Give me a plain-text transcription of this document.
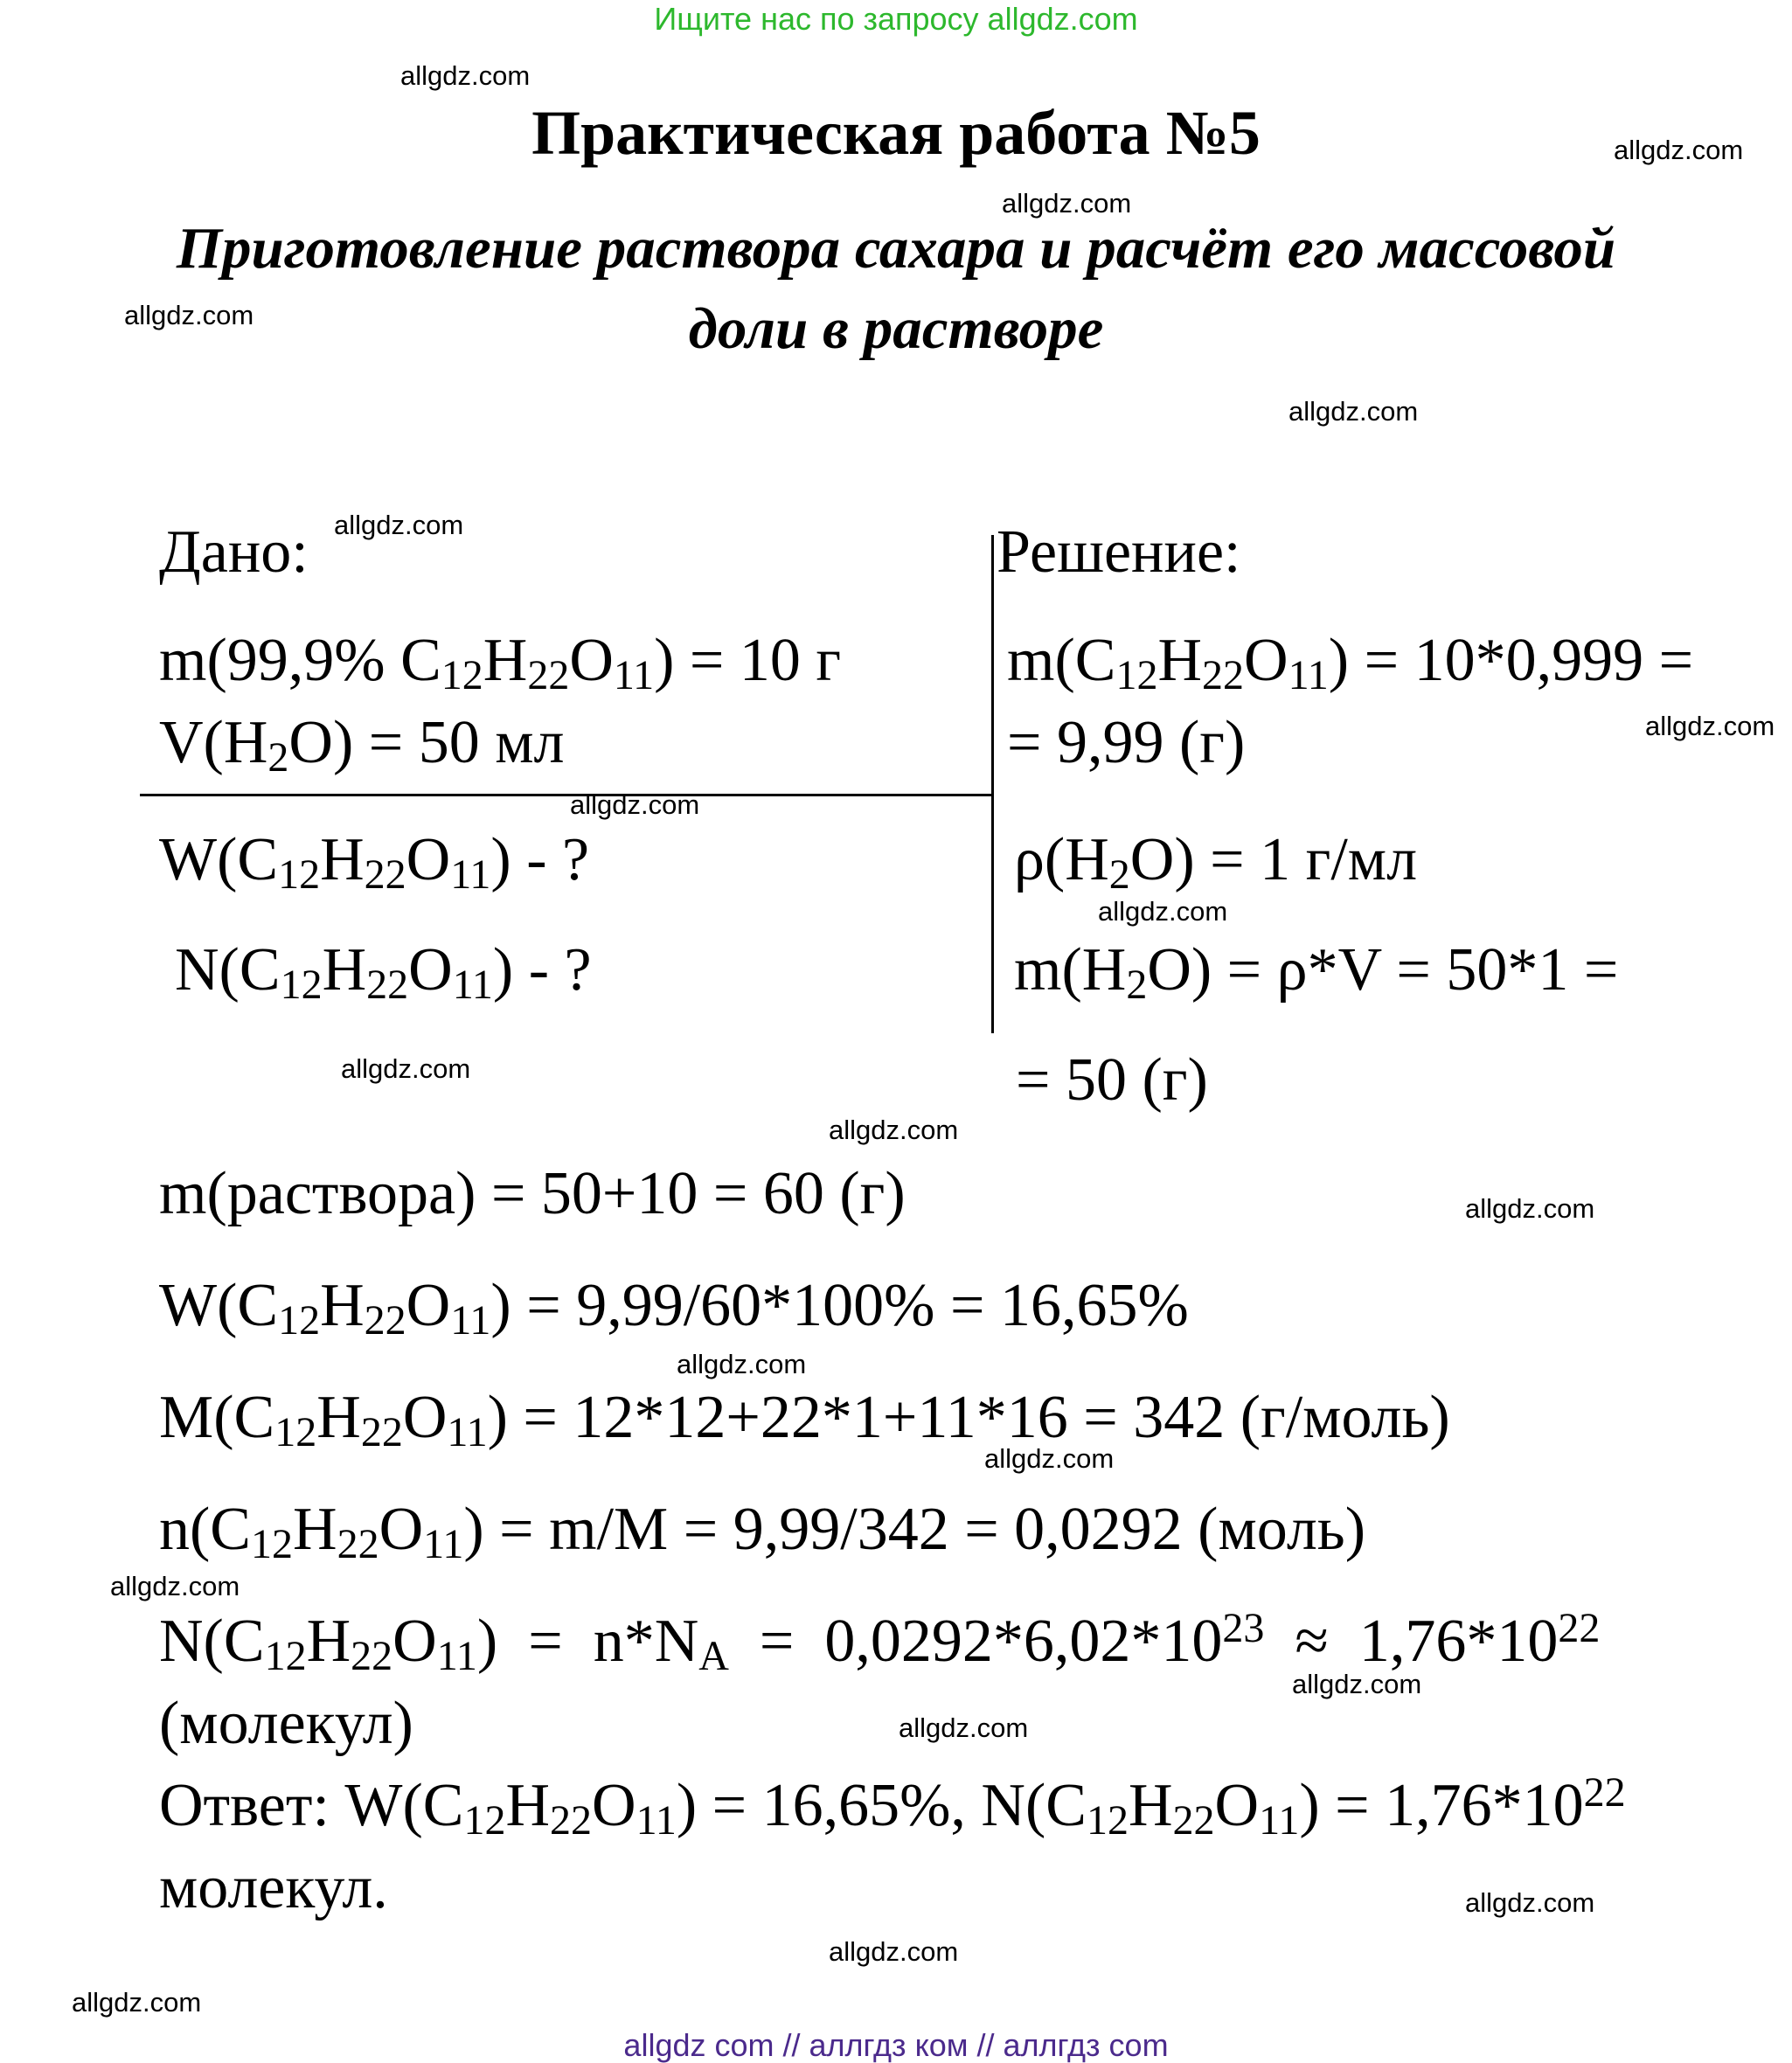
Ищите нас по запросу allgdz.com
Практическая работа №5
Приготовление раствора сахара и расчёт его массовой
доли в растворе
Дано:
m(99,9% $C_{12}H_{22}O_{11}) = 10$ г
$V(H_2O) = 50$ мл
$W(C_{12}H_{22}O_{11})$ - ?
$N(C_{12}H_{22}O_{11})$ - ?
Решение:
$m(C_{12}H_{22}O_{11}) = 10*0,999$ =
= 9,99 (г)
$\rho(H_2O) = 1$ г/мл
$m(H_2O) = \rho*V = 50*1$ =
= 50 (г)
m(раствора) = 50+10 = 60 (г)
$W(C_{12}H_{22}O_{11}) = 9,99/60*100\% = 16,65\%$
$M(C_{12}H_{22}O_{11}) = 12*12+22*1+11*16 = 342$ (г/моль)
$n(C_{12}H_{22}O_{11}) = m/M = 9,99/342 = 0,0292$ (моль)
$N(C_{12}H_{22}O_{11}) = n*N_A = 0,0292*6,02*10^{23} \approx 1,76*10^{22}$
(молекул)
Ответ: $W(C_{12}H_{22}O_{11}) = 16,65\%$, $N(C_{12}H_{22}O_{11}) = 1,76*10^{22}$
молекул.
allgdz.com
allgdz.com
allgdz.com
allgdz.com
allgdz.com
allgdz.com
allgdz.com
allgdz.com
allgdz.com
allgdz.com
allgdz.com
allgdz.com
allgdz.com
allgdz.com
allgdz.com
allgdz.com
allgdz.com
allgdz.com
allgdz.com
allgdz.com
allgdz com // аллгдз ком // аллгдз com
